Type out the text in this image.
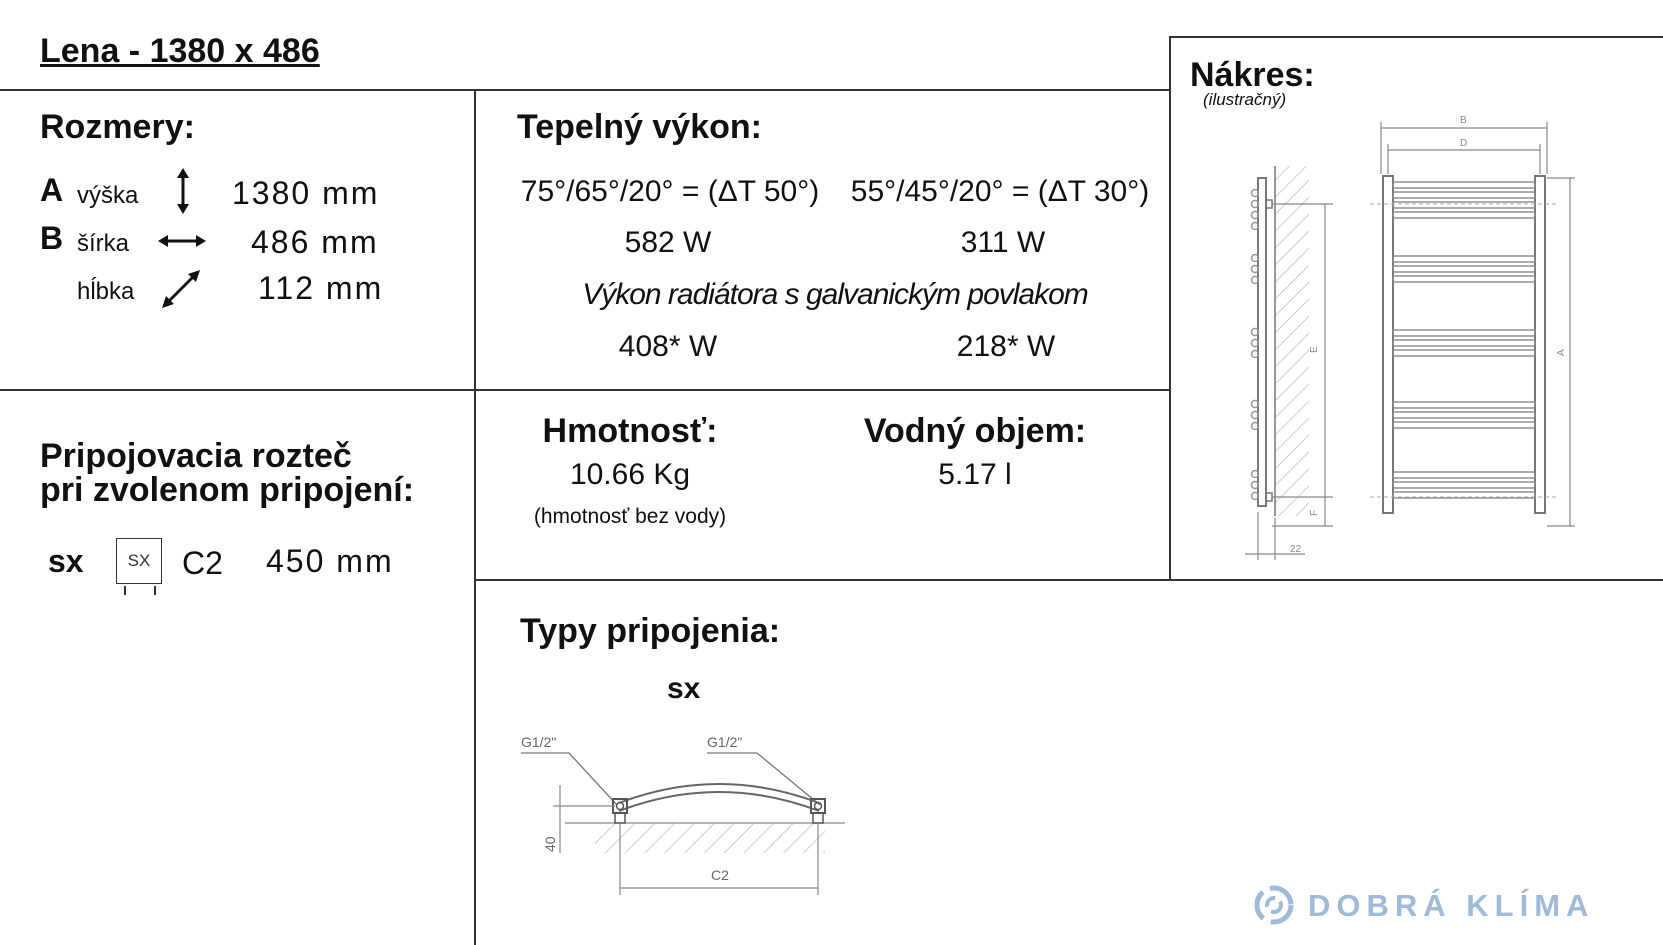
Lena - 1380 x 486
Rozmery:
A výška	1380 mm
B šírka	486 mm
hĺbka	112 mm
Tepelný výkon:
75°/65°/20° = (ΔT 50°)	55°/45°/20° = (ΔT 30°)
582 W	311 W
Výkon radiátora s galvanickým povlakom
408* W	218* W
Pripojovacia rozteč
pri zvolenom pripojení:
sx	SX C2 450 mm
Hmotnosť:
10.66 Kg
(hmotnosť bez vody)
Vodný objem:
5.17 l
Nákres:
(ilustračný)
E
F
22
B
D
A
Typy pripojenia:
sx
G1/2"	G1/2"
40
C2
DOBRÁ KLÍMA
